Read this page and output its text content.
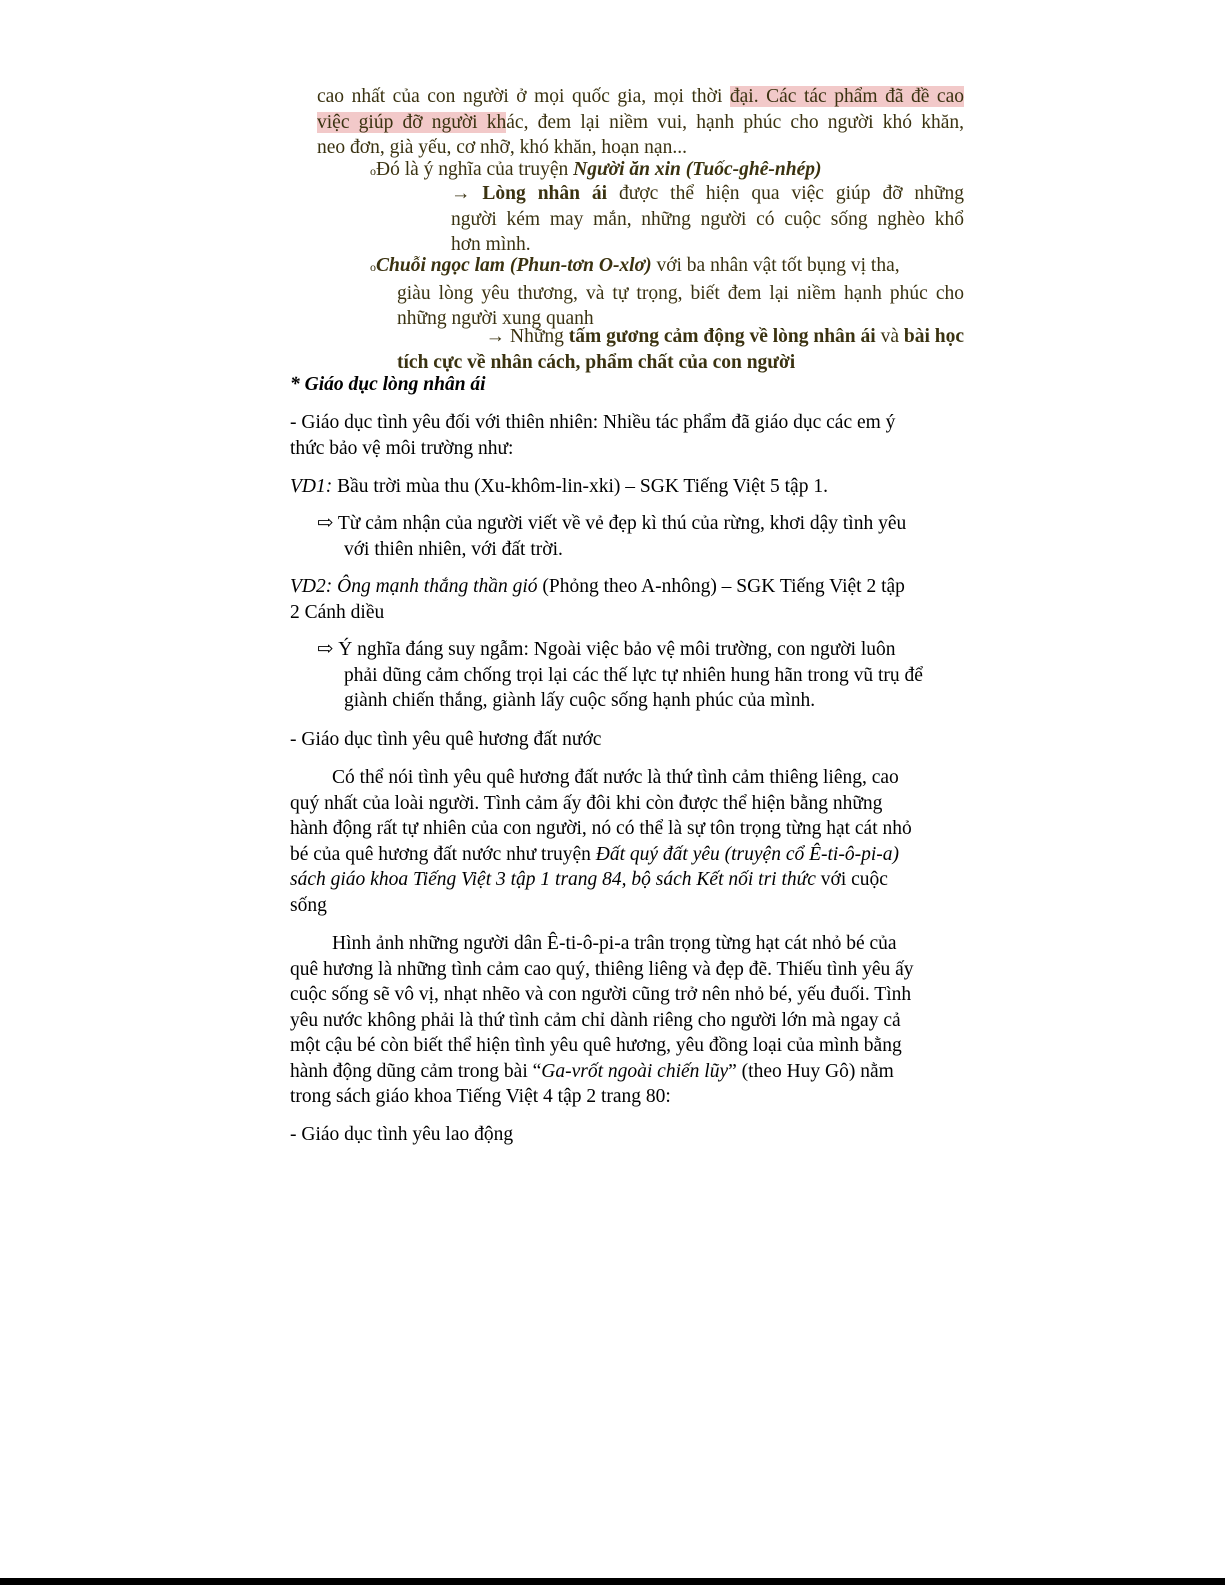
cao nhất của con người ở mọi quốc gia, mọi thời đại. Các tác phẩm đã đề cao
việc giúp đỡ người khác, đem lại niềm vui, hạnh phúc cho người khó khăn,
neo đơn, già yếu, cơ nhỡ, khó khăn, hoạn nạn...
oĐó là ý nghĩa của truyện Người ăn xin (Tuốc-ghê-nhép)
→ Lòng nhân ái được thể hiện qua việc giúp đỡ những
người kém may mắn, những người có cuộc sống nghèo khổ
hơn mình.
oChuỗi ngọc lam (Phun-tơn O-xlơ) với ba nhân vật tốt bụng vị tha,
giàu lòng yêu thương, và tự trọng, biết đem lại niềm hạnh phúc cho
những người xung quanh
→ Những tấm gương cảm động về lòng nhân ái và bài học
tích cực về nhân cách, phẩm chất của con người
* Giáo dục lòng nhân ái
- Giáo dục tình yêu đối với thiên nhiên: Nhiều tác phẩm đã giáo dục các em ý
thức bảo vệ môi trường như:
VD1: Bầu trời mùa thu (Xu-khôm-lin-xki) – SGK Tiếng Việt 5 tập 1.
⇨ Từ cảm nhận của người viết về vẻ đẹp kì thú của rừng, khơi dậy tình yêu
với thiên nhiên, với đất trời.
VD2: Ông mạnh thắng thần gió (Phỏng theo A-nhông) – SGK Tiếng Việt 2 tập
2 Cánh diều
⇨ Ý nghĩa đáng suy ngẫm: Ngoài việc bảo vệ môi trường, con người luôn
phải dũng cảm chống trọi lại các thế lực tự nhiên hung hãn trong vũ trụ để
giành chiến thắng, giành lấy cuộc sống hạnh phúc của mình.
- Giáo dục tình yêu quê hương đất nước
Có thể nói tình yêu quê hương đất nước là thứ tình cảm thiêng liêng, cao
quý nhất của loài người. Tình cảm ấy đôi khi còn được thể hiện bằng những
hành động rất tự nhiên của con người, nó có thể là sự tôn trọng từng hạt cát nhỏ
bé của quê hương đất nước như truyện Đất quý đất yêu (truyện cổ Ê-ti-ô-pi-a)
sách giáo khoa Tiếng Việt 3 tập 1 trang 84, bộ sách Kết nối tri thức với cuộc
sống
Hình ảnh những người dân Ê-ti-ô-pi-a trân trọng từng hạt cát nhỏ bé của
quê hương là những tình cảm cao quý, thiêng liêng và đẹp đẽ. Thiếu tình yêu ấy
cuộc sống sẽ vô vị, nhạt nhẽo và con người cũng trở nên nhỏ bé, yếu đuối. Tình
yêu nước không phải là thứ tình cảm chỉ dành riêng cho người lớn mà ngay cả
một cậu bé còn biết thể hiện tình yêu quê hương, yêu đồng loại của mình bằng
hành động dũng cảm trong bài “Ga-vrốt ngoài chiến lũy” (theo Huy Gô) nằm
trong sách giáo khoa Tiếng Việt 4 tập 2 trang 80:
- Giáo dục tình yêu lao động
